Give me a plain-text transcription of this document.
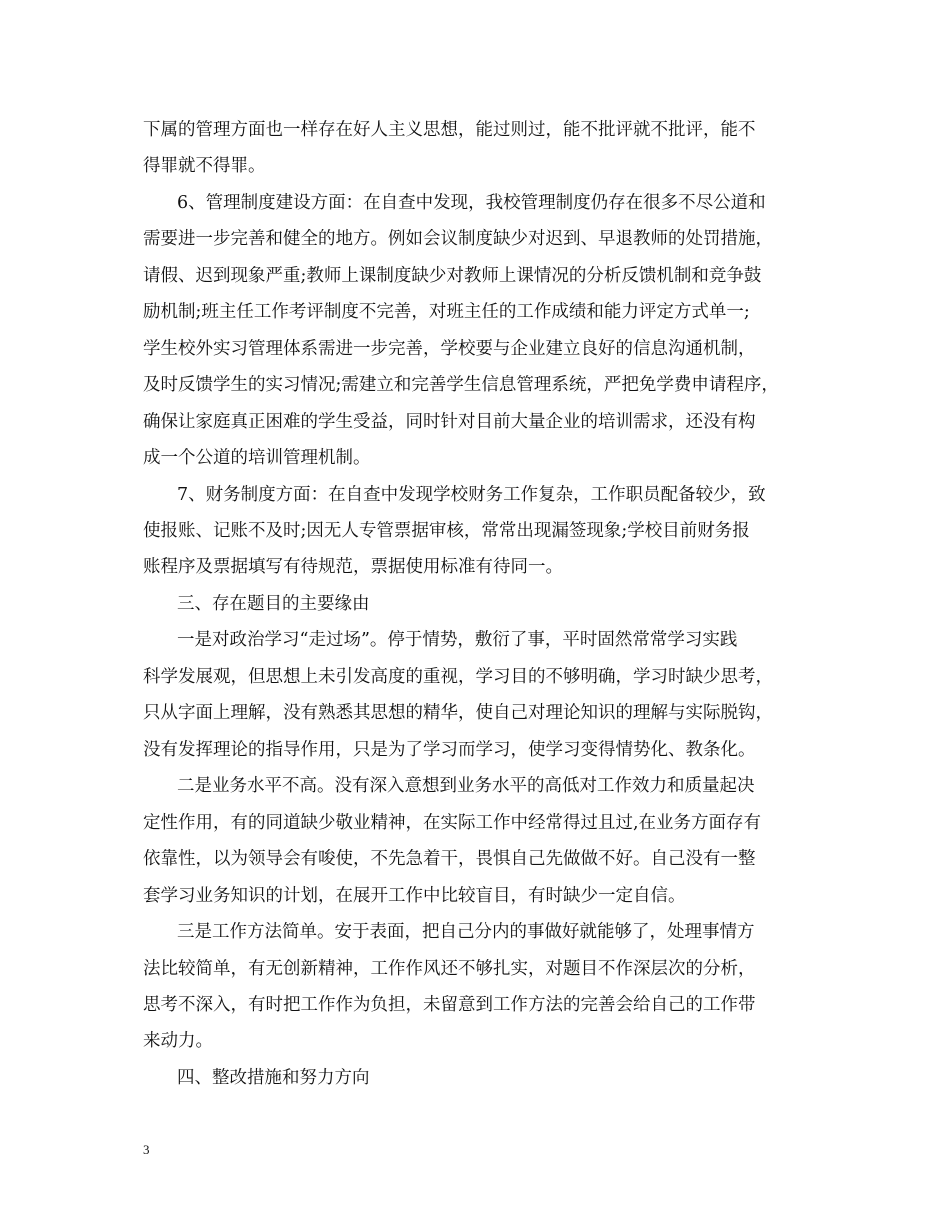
下属的管理方面也一样存在好人主义思想，能过则过，能不批评就不批评，能不
得罪就不得罪。
6、管理制度建设方面：在自查中发现，我校管理制度仍存在很多不尽公道和
需要进一步完善和健全的地方。例如会议制度缺少对迟到、早退教师的处罚措施，
请假、迟到现象严重;教师上课制度缺少对教师上课情况的分析反馈机制和竞争鼓
励机制;班主任工作考评制度不完善，对班主任的工作成绩和能力评定方式单一;
学生校外实习管理体系需进一步完善，学校要与企业建立良好的信息沟通机制，
及时反馈学生的实习情况;需建立和完善学生信息管理系统，严把免学费申请程序，
确保让家庭真正困难的学生受益，同时针对目前大量企业的培训需求，还没有构
成一个公道的培训管理机制。
7、财务制度方面：在自查中发现学校财务工作复杂，工作职员配备较少，致
使报账、记账不及时;因无人专管票据审核，常常出现漏签现象;学校目前财务报
账程序及票据填写有待规范，票据使用标准有待同一。
三、存在题目的主要缘由
一是对政治学习“走过场”。停于情势，敷衍了事，平时固然常常学习实践
科学发展观，但思想上未引发高度的重视，学习目的不够明确，学习时缺少思考，
只从字面上理解，没有熟悉其思想的精华，使自己对理论知识的理解与实际脱钩，
没有发挥理论的指导作用，只是为了学习而学习，使学习变得情势化、教条化。
二是业务水平不高。没有深入意想到业务水平的高低对工作效力和质量起决
定性作用，有的同道缺少敬业精神，在实际工作中经常得过且过,在业务方面存有
依靠性，以为领导会有唆使，不先急着干，畏惧自己先做做不好。自己没有一整
套学习业务知识的计划，在展开工作中比较盲目，有时缺少一定自信。
三是工作方法简单。安于表面，把自己分内的事做好就能够了，处理事情方
法比较简单，有无创新精神，工作作风还不够扎实，对题目不作深层次的分析，
思考不深入，有时把工作作为负担，未留意到工作方法的完善会给自己的工作带
来动力。
四、整改措施和努力方向
3
